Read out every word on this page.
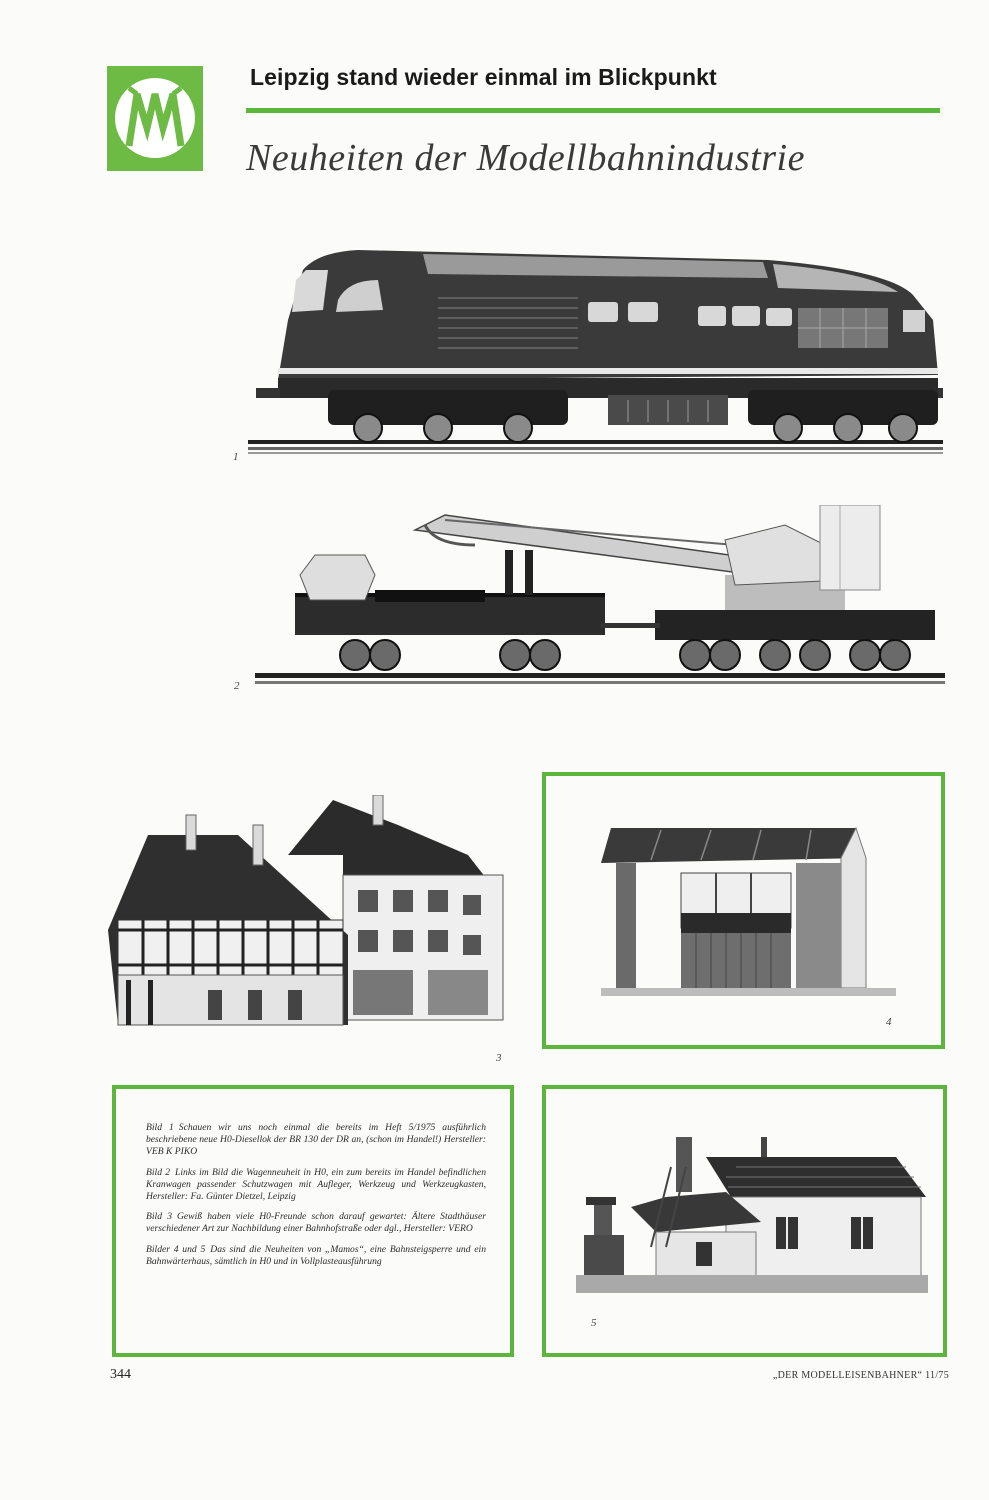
Leipzig stand wieder einmal im Blickpunkt
Neuheiten der Modellbahnindustrie
1
2
3
4

Bild 1 Schauen wir uns noch einmal die bereits im Heft 5/1975 ausführlich beschriebene neue H0-Diesellok der BR 130 der DR an, (schon im Handel!) Hersteller: VEB K PIKO

Bild 2 Links im Bild die Wagenneuheit in H0, ein zum bereits im Handel befindlichen Kranwagen passender Schutzwagen mit Aufleger, Werkzeug und Werkzeugkasten, Hersteller: Fa. Günter Dietzel, Leipzig

Bild 3 Gewiß haben viele H0-Freunde schon darauf gewartet: Ältere Stadthäuser verschiedener Art zur Nachbildung einer Bahnhofstraße oder dgl., Hersteller: VERO

Bilder 4 und 5 Das sind die Neuheiten von „Mamos“, eine Bahnsteigsperre und ein Bahnwärterhaus, sämtlich in H0 und in Vollplasteausführung

5
344	„DER MODELLEISENBAHNER“ 11/75
